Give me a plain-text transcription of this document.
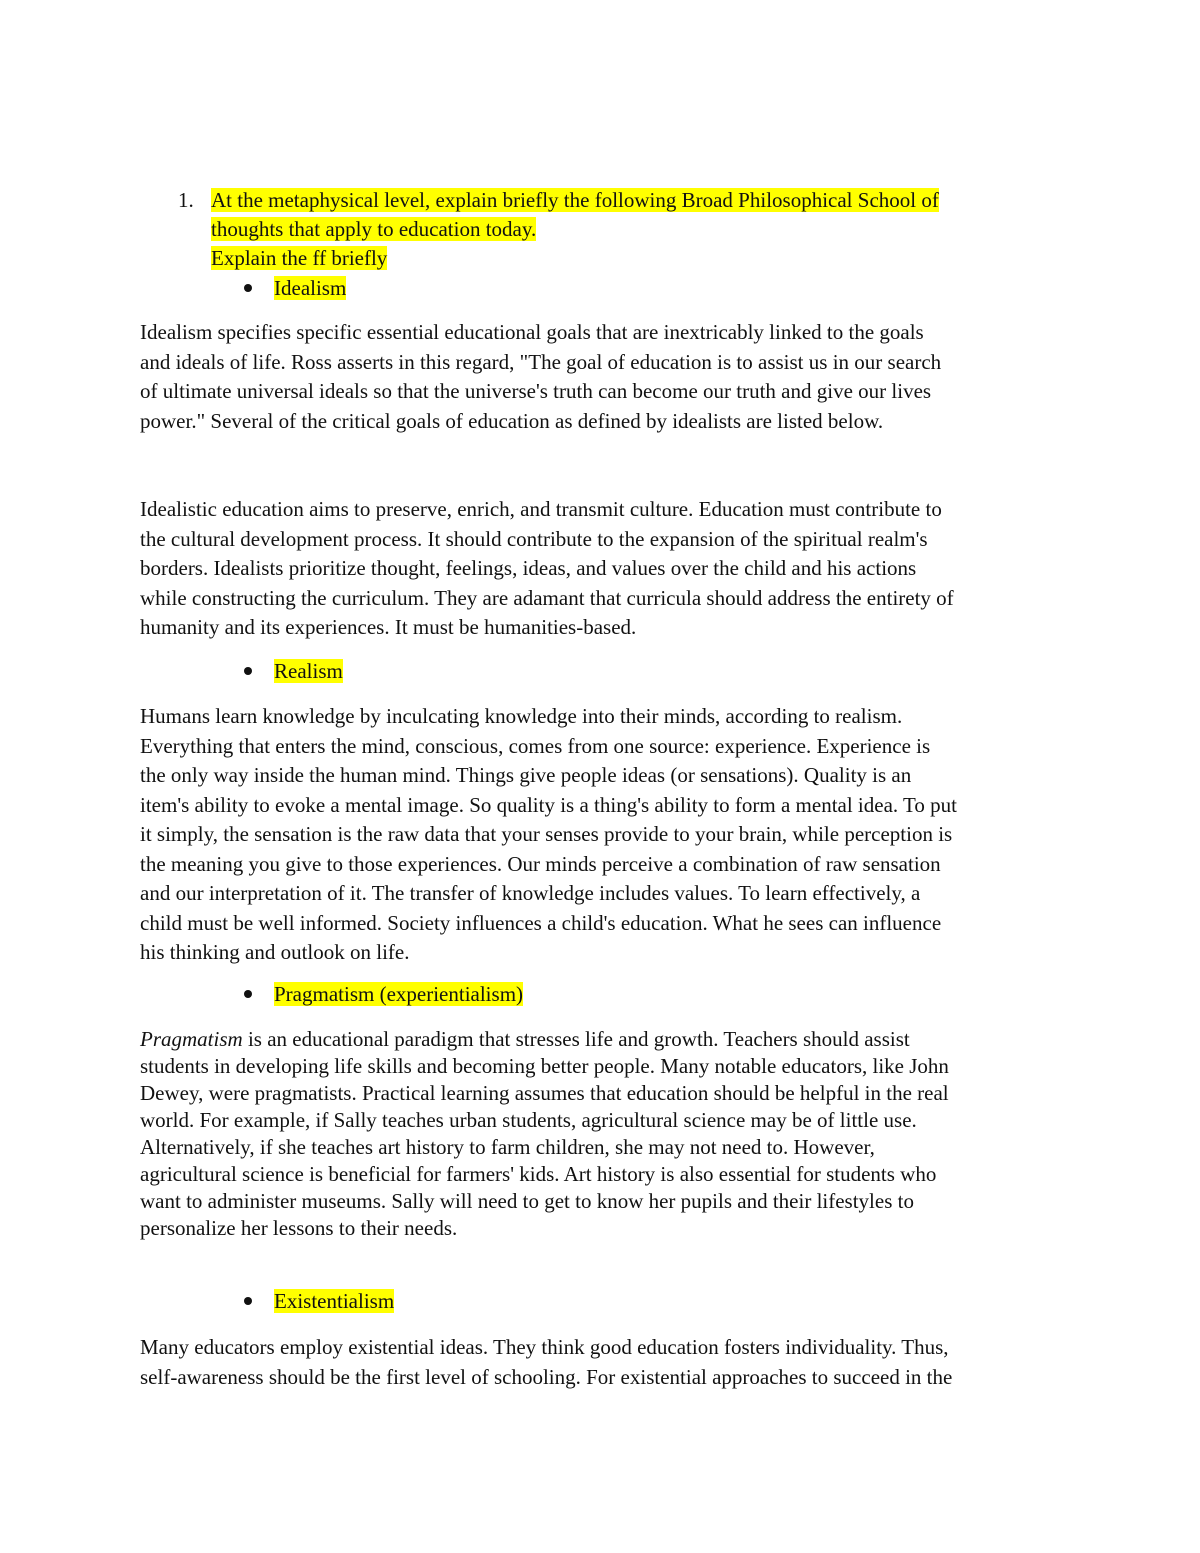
1. At the metaphysical level, explain briefly the following Broad Philosophical School of
thoughts that apply to education today.
Explain the ff briefly
Idealism
Idealism specifies specific essential educational goals that are inextricably linked to the goals
and ideals of life. Ross asserts in this regard, "The goal of education is to assist us in our search
of ultimate universal ideals so that the universe's truth can become our truth and give our lives
power." Several of the critical goals of education as defined by idealists are listed below.
Idealistic education aims to preserve, enrich, and transmit culture. Education must contribute to
the cultural development process. It should contribute to the expansion of the spiritual realm's
borders. Idealists prioritize thought, feelings, ideas, and values over the child and his actions
while constructing the curriculum. They are adamant that curricula should address the entirety of
humanity and its experiences. It must be humanities-based.
Realism
Humans learn knowledge by inculcating knowledge into their minds, according to realism.
Everything that enters the mind, conscious, comes from one source: experience. Experience is
the only way inside the human mind. Things give people ideas (or sensations). Quality is an
item's ability to evoke a mental image. So quality is a thing's ability to form a mental idea. To put
it simply, the sensation is the raw data that your senses provide to your brain, while perception is
the meaning you give to those experiences. Our minds perceive a combination of raw sensation
and our interpretation of it. The transfer of knowledge includes values. To learn effectively, a
child must be well informed. Society influences a child's education. What he sees can influence
his thinking and outlook on life.
Pragmatism (experientialism)
Pragmatism is an educational paradigm that stresses life and growth. Teachers should assist
students in developing life skills and becoming better people. Many notable educators, like John
Dewey, were pragmatists. Practical learning assumes that education should be helpful in the real
world. For example, if Sally teaches urban students, agricultural science may be of little use.
Alternatively, if she teaches art history to farm children, she may not need to. However,
agricultural science is beneficial for farmers' kids. Art history is also essential for students who
want to administer museums. Sally will need to get to know her pupils and their lifestyles to
personalize her lessons to their needs.
Existentialism
Many educators employ existential ideas. They think good education fosters individuality. Thus,
self-awareness should be the first level of schooling. For existential approaches to succeed in the
